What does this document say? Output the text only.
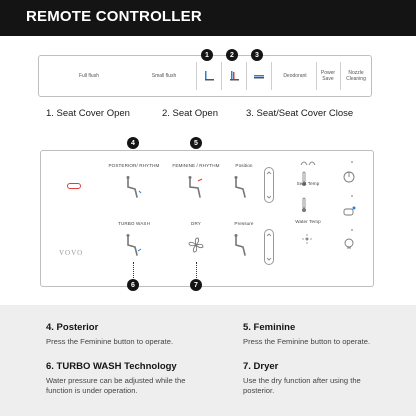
REMOTE CONTROLLER
Full flush	Small flush	Deodorant	Power Save
Nozzle Cleaning
1	2	3
1. Seat Cover Open	2. Seat Open	3. Seat/Seat Cover Close
4	5
VOVO
POSTERIOR/ RHYTHM	FEMININE / RHYTHM	Position
Seat Temp
Water Temp
TURBO WASH	DRY	Pressure
6	7
4. Posterior
Press the Feminine button to operate.
5. Feminine
Press the Feminine button to operate.
6. TURBO WASH Technology
Water pressure can be adjusted while the function is under operation.
7. Dryer
Use the dry function after using the posterior.
